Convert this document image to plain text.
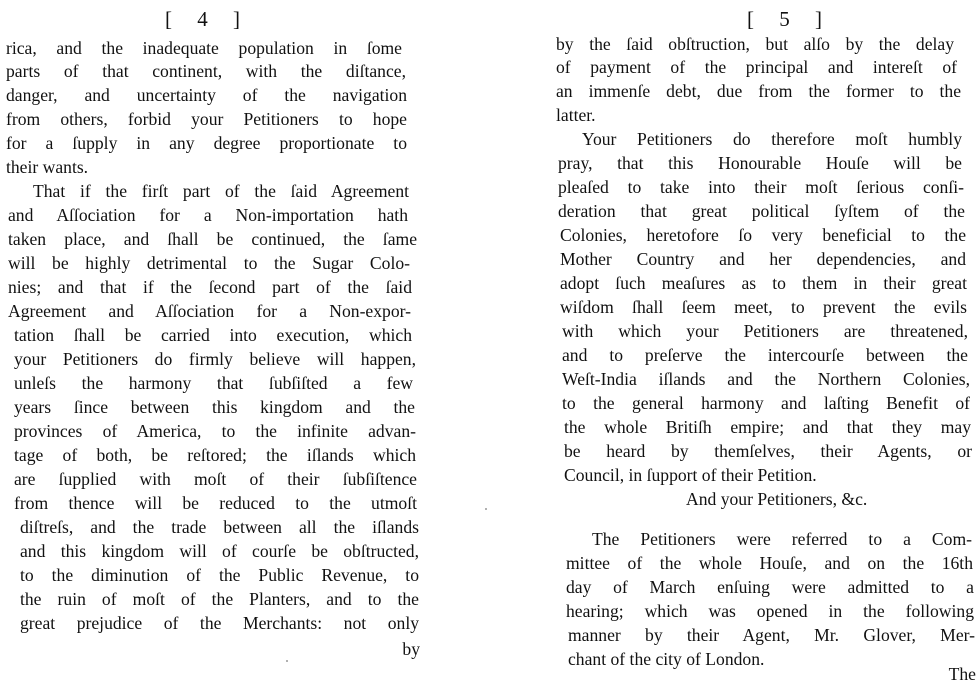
[ 4 ]
rica, and the inadequate population in ſome
parts of that continent, with the diſtance,
danger, and uncertainty of the navigation
from others, forbid your Petitioners to hope
for a ſupply in any degree proportionate to
their wants.
That if the firſt part of the ſaid Agreement
and Aſſociation for a Non-importation hath
taken place, and ſhall be continued, the ſame
will be highly detrimental to the Sugar Colo-
nies; and that if the ſecond part of the ſaid
Agreement and Aſſociation for a Non-expor-
tation ſhall be carried into execution, which
your Petitioners do firmly believe will happen,
unleſs the harmony that ſubſiſted a few
years ſince between this kingdom and the
provinces of America, to the infinite advan-
tage of both, be reſtored; the iſlands which
are ſupplied with moſt of their ſubſiſtence
from thence will be reduced to the utmoſt
diſtreſs, and the trade between all the iſlands
and this kingdom will of courſe be obſtructed,
to the diminution of the Public Revenue, to
the ruin of moſt of the Planters, and to the
great prejudice of the Merchants: not only
by
[ 5 ]
by the ſaid obſtruction, but alſo by the delay
of payment of the principal and intereſt of
an immenſe debt, due from the former to the
latter.
Your Petitioners do therefore moſt humbly
pray, that this Honourable Houſe will be
pleaſed to take into their moſt ſerious conſi-
deration that great political ſyſtem of the
Colonies, heretofore ſo very beneficial to the
Mother Country and her dependencies, and
adopt ſuch meaſures as to them in their great
wiſdom ſhall ſeem meet, to prevent the evils
with which your Petitioners are threatened,
and to preſerve the intercourſe between the
Weſt-India iſlands and the Northern Colonies,
to the general harmony and laſting Benefit of
the whole Britiſh empire; and that they may
be heard by themſelves, their Agents, or
Council, in ſupport of their Petition.
And your Petitioners, &c.
The Petitioners were referred to a Com-
mittee of the whole Houſe, and on the 16th
day of March enſuing were admitted to a
hearing; which was opened in the following
manner by their Agent, Mr. Glover, Mer-
chant of the city of London.
The
